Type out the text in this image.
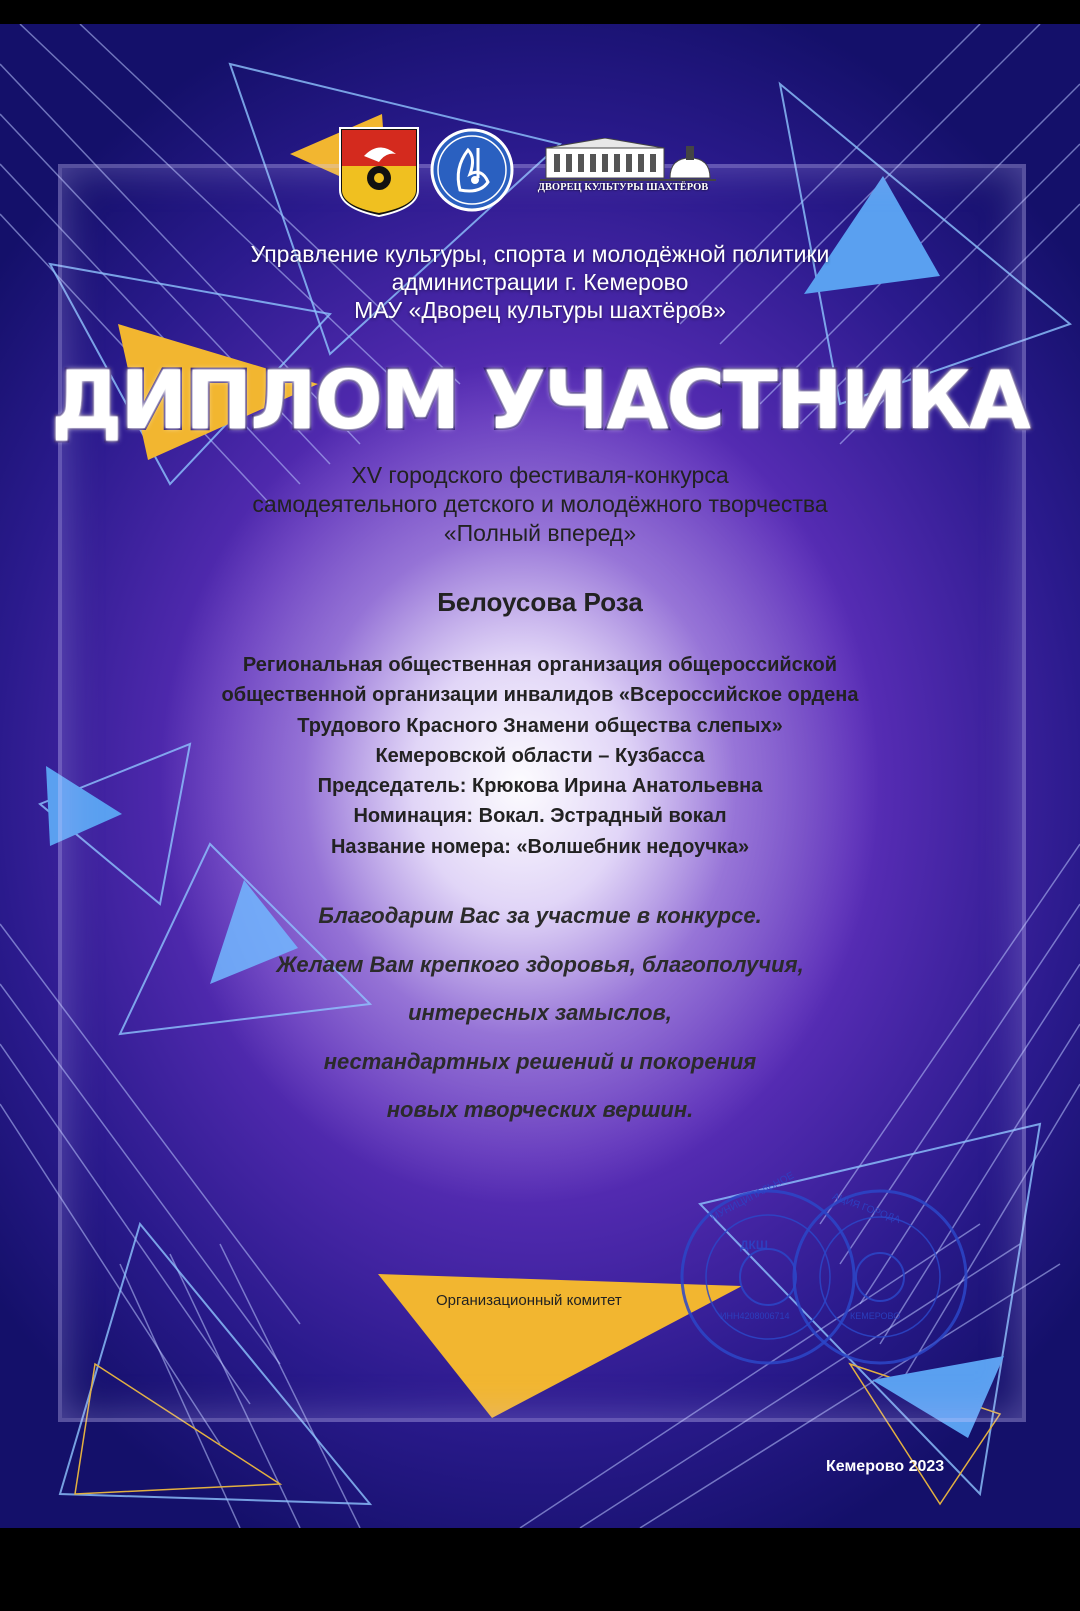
ДВОРЕЦ КУЛЬТУРЫ ШАХТЁРОВ
Управление культуры, спорта и молодёжной политики
администрации г. Кемерово
МАУ «Дворец культуры шахтёров»
ДИПЛОМ УЧАСТНИКА
XV городского фестиваля-конкурса
самодеятельного детского и молодёжного творчества
«Полный вперед»
Белоусова Роза
Региональная общественная организация общероссийской
общественной организации инвалидов «Всероссийское ордена
Трудового Красного Знамени общества слепых»
Кемеровской области – Кузбасса
Председатель: Крюкова Ирина Анатольевна
Номинация: Вокал. Эстрадный вокал
Название номера: «Волшебник недоучка»
Благодарим Вас за участие в конкурсе.
Желаем Вам крепкого здоровья, благополучия,
интересных замыслов,
нестандартных решений и покорения
новых творческих вершин.
Организационный комитет
МУНИЦИПАЛЬНОЕ
ДКШ
ИНН4208006714
АЦИЯ ГОРОДА
КЕМЕРОВО
Кемерово 2023
